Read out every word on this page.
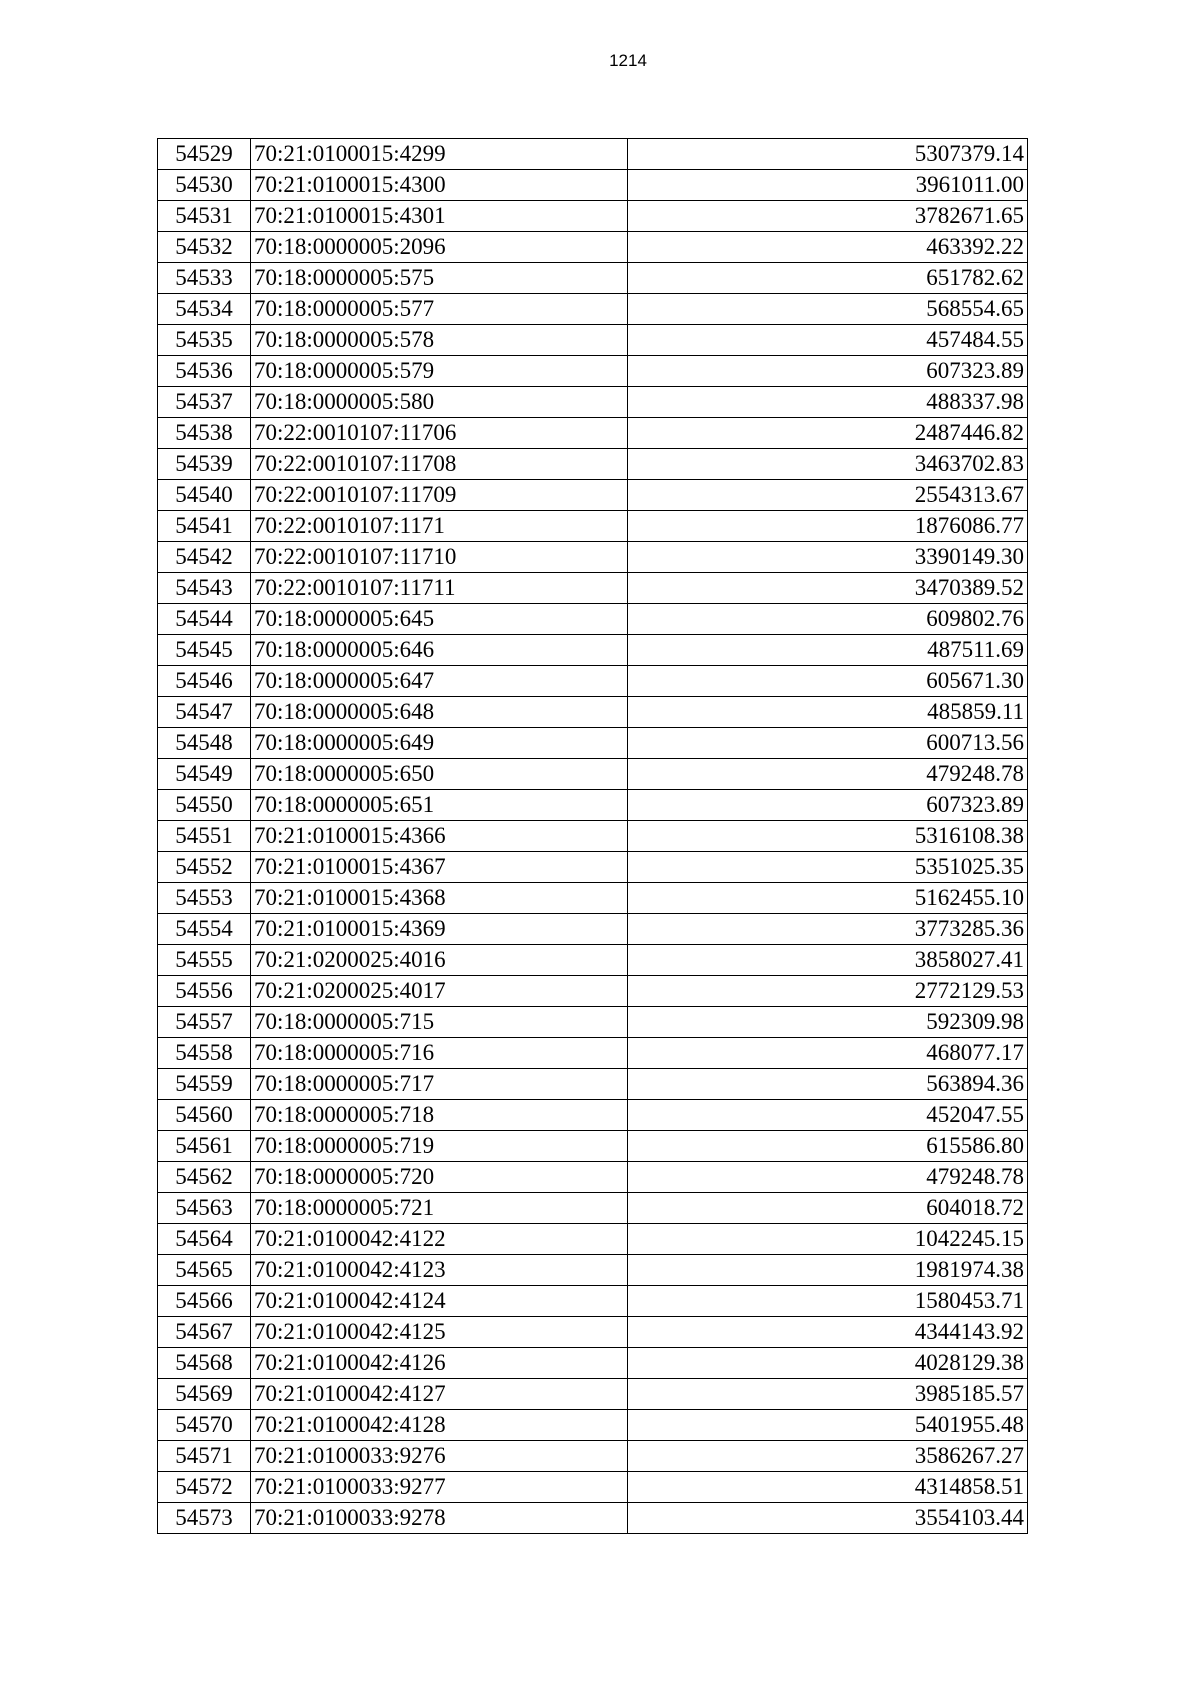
1214
54529	70:21:0100015:4299	5307379.14
54530	70:21:0100015:4300	3961011.00
54531	70:21:0100015:4301	3782671.65
54532	70:18:0000005:2096	463392.22
54533	70:18:0000005:575	651782.62
54534	70:18:0000005:577	568554.65
54535	70:18:0000005:578	457484.55
54536	70:18:0000005:579	607323.89
54537	70:18:0000005:580	488337.98
54538	70:22:0010107:11706	2487446.82
54539	70:22:0010107:11708	3463702.83
54540	70:22:0010107:11709	2554313.67
54541	70:22:0010107:1171	1876086.77
54542	70:22:0010107:11710	3390149.30
54543	70:22:0010107:11711	3470389.52
54544	70:18:0000005:645	609802.76
54545	70:18:0000005:646	487511.69
54546	70:18:0000005:647	605671.30
54547	70:18:0000005:648	485859.11
54548	70:18:0000005:649	600713.56
54549	70:18:0000005:650	479248.78
54550	70:18:0000005:651	607323.89
54551	70:21:0100015:4366	5316108.38
54552	70:21:0100015:4367	5351025.35
54553	70:21:0100015:4368	5162455.10
54554	70:21:0100015:4369	3773285.36
54555	70:21:0200025:4016	3858027.41
54556	70:21:0200025:4017	2772129.53
54557	70:18:0000005:715	592309.98
54558	70:18:0000005:716	468077.17
54559	70:18:0000005:717	563894.36
54560	70:18:0000005:718	452047.55
54561	70:18:0000005:719	615586.80
54562	70:18:0000005:720	479248.78
54563	70:18:0000005:721	604018.72
54564	70:21:0100042:4122	1042245.15
54565	70:21:0100042:4123	1981974.38
54566	70:21:0100042:4124	1580453.71
54567	70:21:0100042:4125	4344143.92
54568	70:21:0100042:4126	4028129.38
54569	70:21:0100042:4127	3985185.57
54570	70:21:0100042:4128	5401955.48
54571	70:21:0100033:9276	3586267.27
54572	70:21:0100033:9277	4314858.51
54573	70:21:0100033:9278	3554103.44
